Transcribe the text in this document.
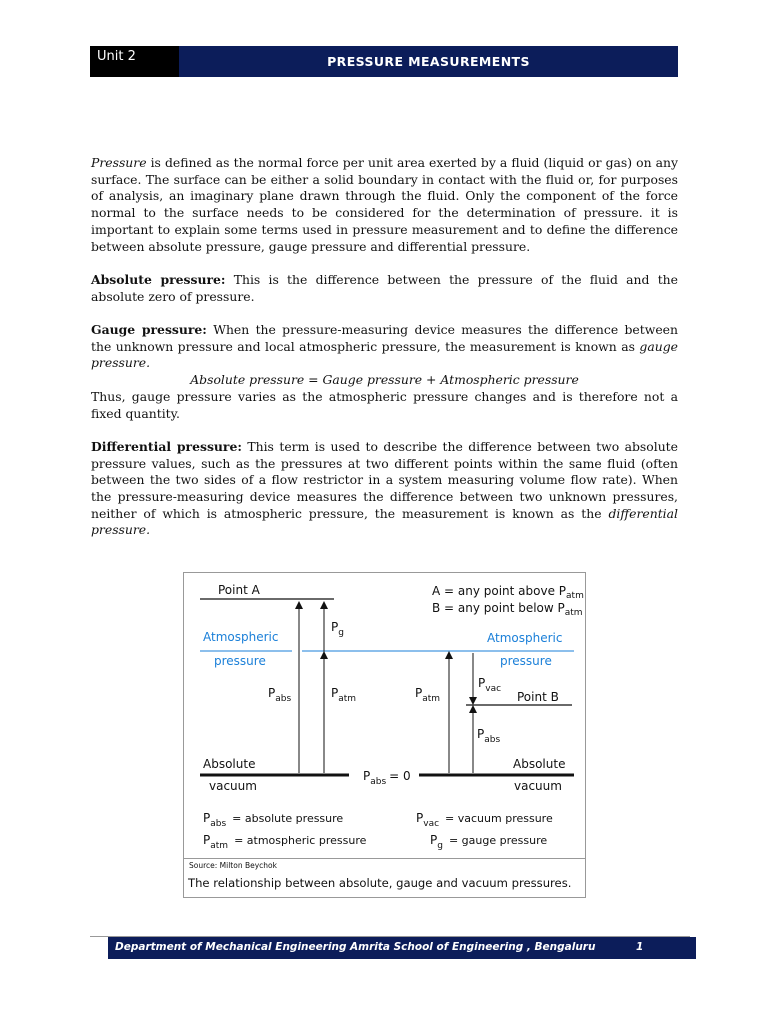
Unit 2	PRESSURE MEASUREMENTS

Pressure is defined as the normal force per unit area exerted by a fluid (liquid or gas) on any surface. The surface can be either a solid boundary in contact with the fluid or, for purposes of analysis, an imaginary plane drawn through the fluid. Only the component of the force normal to the surface needs to be considered for the determination of pressure. it is important to explain some terms used in pressure measurement and to define the difference between absolute pressure, gauge pressure and differential pressure.

Absolute pressure: This is the difference between the pressure of the fluid and the absolute zero of pressure.

Gauge pressure: When the pressure-measuring device measures the difference between the unknown pressure and local atmospheric pressure, the measurement is known as gauge pressure.
Absolute pressure = Gauge pressure + Atmospheric pressure
Thus, gauge pressure varies as the atmospheric pressure changes and is therefore not a fixed quantity.

Differential pressure: This term is used to describe the difference between two absolute pressure values, such as the pressures at two different points within the same fluid (often between the two sides of a flow restrictor in a system measuring volume flow rate). When the pressure-measuring device measures the difference between two unknown pressures, neither of which is atmospheric pressure, the measurement is known as the differential pressure.

Point A	A = any point above $P_{atm}$
B = any point below $P_{atm}$
Atmospheric
pressure
Atmospheric
pressure
Point B
$P_g$
$P_{abs}$	$P_{atm}$	$P_{atm}$
$P_{vac}$
$P_{abs}$
Absolute
vacuum
Absolute
vacuum
$P_{abs} = 0$
$P_{abs}$ = absolute pressure
$P_{atm}$ = atmospheric pressure
$P_{vac}$ = vacuum pressure
$P_g$ = gauge pressure
Source: Milton Beychok
The relationship between absolute, gauge and vacuum pressures.
Department of Mechanical Engineering Amrita School of Engineering , Bengaluru	1
